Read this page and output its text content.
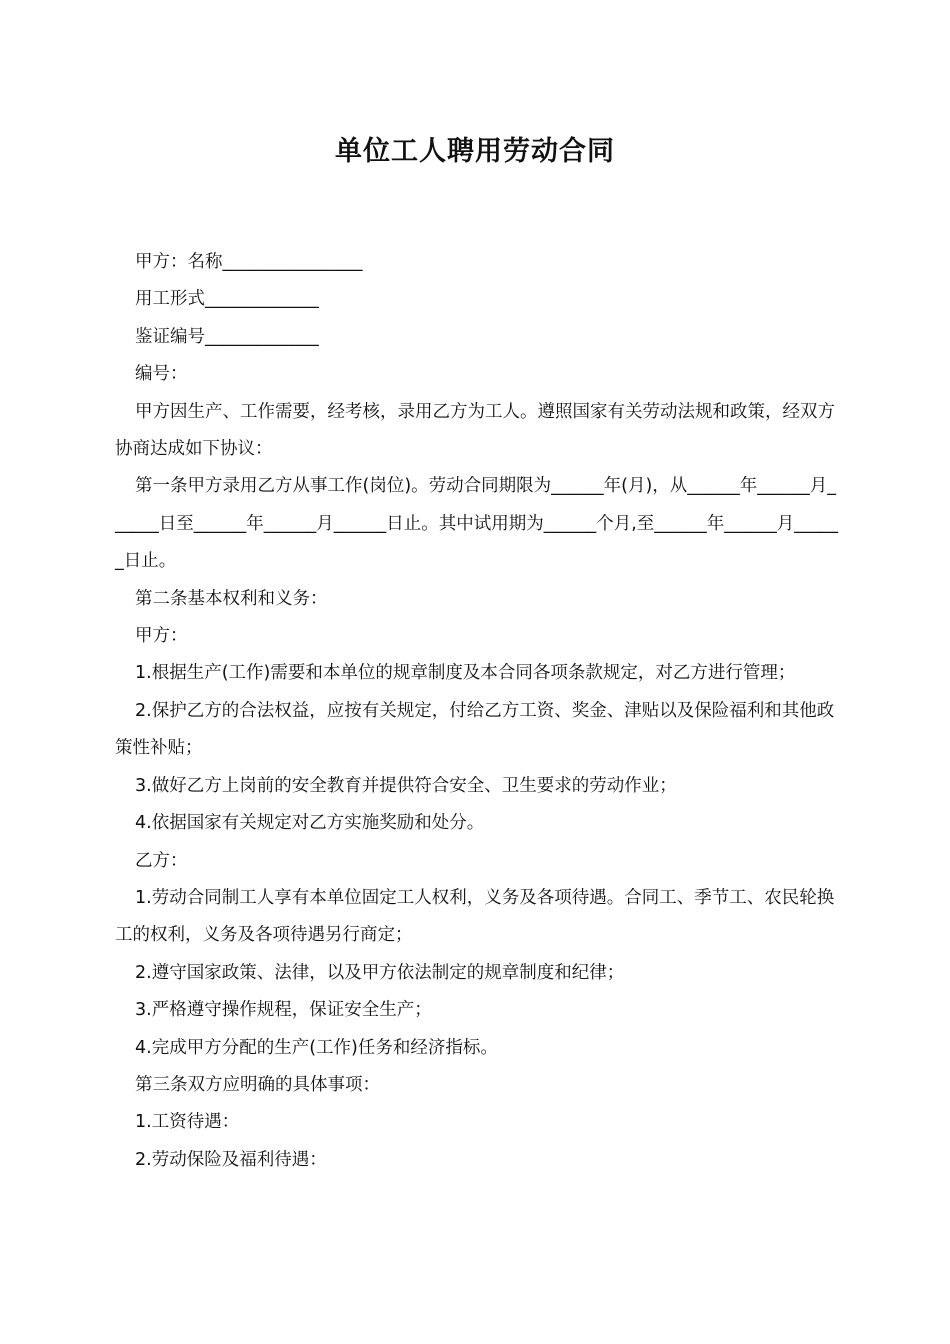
单位工人聘用劳动合同

甲方：名称________________

用工形式_____________

鉴证编号_____________

编号：

甲方因生产、工作需要，经考核，录用乙方为工人。遵照国家有关劳动法规和政策，经双方协商达成如下协议：

第一条甲方录用乙方从事工作(岗位)。劳动合同期限为______年(月)，从______年______月______日至______年______月______日止。其中试用期为______个月,至______年______月______日止。

第二条基本权利和义务：

甲方：

1.根据生产(工作)需要和本单位的规章制度及本合同各项条款规定，对乙方进行管理；

2.保护乙方的合法权益，应按有关规定，付给乙方工资、奖金、津贴以及保险福利和其他政策性补贴；

3.做好乙方上岗前的安全教育并提供符合安全、卫生要求的劳动作业；

4.依据国家有关规定对乙方实施奖励和处分。

乙方：

1.劳动合同制工人享有本单位固定工人权利，义务及各项待遇。合同工、季节工、农民轮换工的权利，义务及各项待遇另行商定；

2.遵守国家政策、法律，以及甲方依法制定的规章制度和纪律；

3.严格遵守操作规程，保证安全生产；

4.完成甲方分配的生产(工作)任务和经济指标。

第三条双方应明确的具体事项：

1.工资待遇：

2.劳动保险及福利待遇：
